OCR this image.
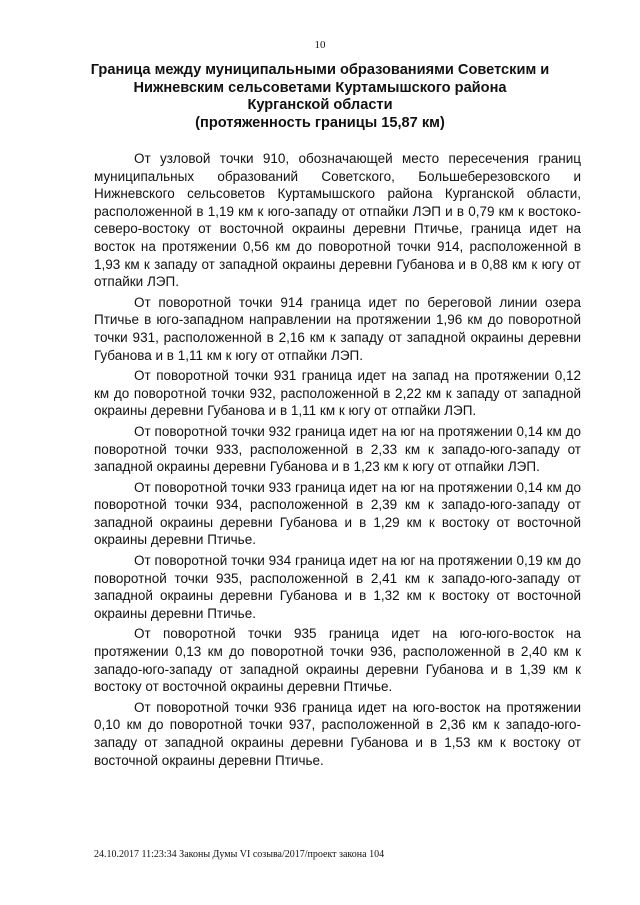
10
Граница между муниципальными образованиями Советским и
Нижневским сельсоветами Куртамышского района
Курганской области
(протяженность границы 15,87 км)

От узловой точки 910, обозначающей место пересечения границ муниципальных образований Советского, Большеберезовского и Нижневского сельсоветов Куртамышского района Курганской области, расположенной в 1,19 км к юго-западу от отпайки ЛЭП и в 0,79 км к востоко-северо-востоку от восточной окраины деревни Птичье, граница идет на восток на протяжении 0,56 км до поворотной точки 914, расположенной в 1,93 км к западу от западной окраины деревни Губанова и в 0,88 км к югу от отпайки ЛЭП.

От поворотной точки 914 граница идет по береговой линии озера Птичье в юго-западном направлении на протяжении 1,96 км до поворотной точки 931, расположенной в 2,16 км к западу от западной окраины деревни Губанова и в 1,11 км к югу от отпайки ЛЭП.

От поворотной точки 931 граница идет на запад на протяжении 0,12 км до поворотной точки 932, расположенной в 2,22 км к западу от западной окраины деревни Губанова и в 1,11 км к югу от отпайки ЛЭП.

От поворотной точки 932 граница идет на юг на протяжении 0,14 км до поворотной точки 933, расположенной в 2,33 км к западо-юго-западу от западной окраины деревни Губанова и в 1,23 км к югу от отпайки ЛЭП.

От поворотной точки 933 граница идет на юг на протяжении 0,14 км до поворотной точки 934, расположенной в 2,39 км к западо-юго-западу от западной окраины деревни Губанова и в 1,29 км к востоку от восточной окраины деревни Птичье.

От поворотной точки 934 граница идет на юг на протяжении 0,19 км до поворотной точки 935, расположенной в 2,41 км к западо-юго-западу от западной окраины деревни Губанова и в 1,32 км к востоку от восточной окраины деревни Птичье.

От поворотной точки 935 граница идет на юго-юго-восток на протяжении 0,13 км до поворотной точки 936, расположенной в 2,40 км к западо-юго-западу от западной окраины деревни Губанова и в 1,39 км к востоку от восточной окраины деревни Птичье.

От поворотной точки 936 граница идет на юго-восток на протяжении 0,10 км до поворотной точки 937, расположенной в 2,36 км к западо-юго-западу от западной окраины деревни Губанова и в 1,53 км к востоку от восточной окраины деревни Птичье.

24.10.2017 11:23:34 Законы Думы VI созыва/2017/проект закона 104
